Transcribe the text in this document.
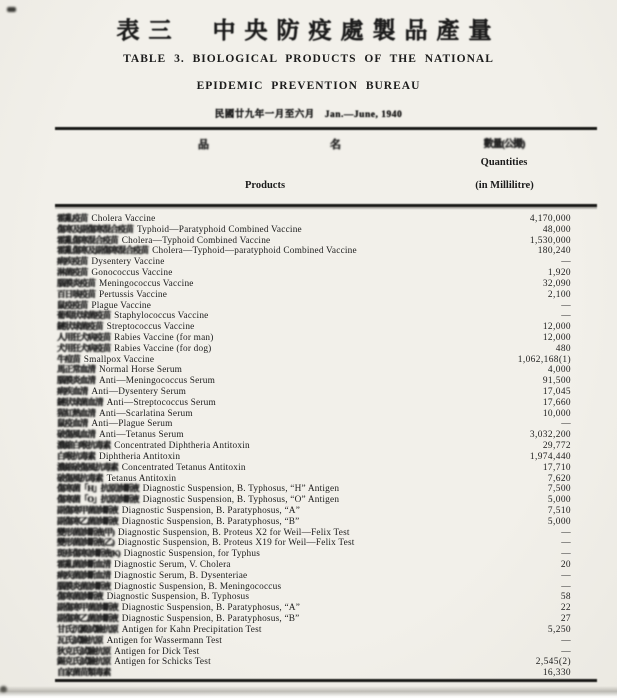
表三　中央防疫處製品產量
TABLE 3. BIOLOGICAL PRODUCTS OF THE NATIONAL
EPIDEMIC PREVENTION BUREAU
民國廿九年一月至六月　Jan.—June, 1940
品	名	數量(公撮)
Quantities
Products	(in Millilitre)
霍亂疫苗 Cholera Vaccine	4,170,000
傷寒及副傷寒混合疫苗 Typhoid—Paratyphoid Combined Vaccine	48,000
霍亂傷寒混合疫苗 Cholera—Typhoid Combined Vaccine	1,530,000
霍亂傷寒及副傷寒混合疫苗 Cholera—Typhoid—paratyphoid Combined Vaccine	180,240
痢疾疫苗 Dysentery Vaccine	—
淋菌疫苗 Gonococcus Vaccine	1,920
腦膜炎疫苗 Meningococcus Vaccine	32,090
百日咳疫苗 Pertussis Vaccine	2,100
鼠疫疫苗 Plague Vaccine	—
葡萄狀球菌疫苗 Staphylococcus Vaccine	—
鏈狀球菌疫苗 Streptococcus Vaccine	12,000
人用狂犬病疫苗 Rabies Vaccine (for man)	12,000
犬用狂犬病疫苗 Rabies Vaccine (for dog)	480
牛痘苗 Smallpox Vaccine	1,062,168(1)
馬正常血清 Normal Horse Serum	4,000
腦膜炎血清 Anti—Meningococcus Serum	91,500
痢疾血清 Anti—Dysentery Serum	17,045
鏈狀球菌血清 Anti—Streptococcus Serum	17,660
猩紅熱血清 Anti—Scarlatina Serum	10,000
鼠疫血清 Anti—Plague Serum	—
破傷風血清 Anti—Tetanus Serum	3,032,200
濃縮白喉抗毒素 Concentrated Diphtheria Antitoxin	29,772
白喉抗毒素 Diphtheria Antitoxin	1,974,440
濃縮破傷風抗毒素 Concentrated Tetanus Antitoxin	17,710
破傷風抗毒素 Tetanus Antitoxin	7,620
傷寒菌「H」抗原診斷液 Diagnostic Suspension, B. Typhosus, “H” Antigen	7,500
傷寒菌「O」抗原診斷液 Diagnostic Suspension, B. Typhosus, “O” Antigen	5,000
副傷寒甲菌診斷液 Diagnostic Suspension, B. Paratyphosus, “A”	7,510
副傷寒乙菌診斷液 Diagnostic Suspension, B. Paratyphosus, “B”	5,000
變形菌診斷液(甲) Diagnostic Suspension, B. Proteus X2 for Weil—Felix Test	—
變形菌診斷液(乙) Diagnostic Suspension, B. Proteus X19 for Weil—Felix Test	—
斑疹傷寒診斷液(K) Diagnostic Suspension, for Typhus	—
霍亂菌診斷血清 Diagnostic Serum, V. Cholera	20
痢疾菌診斷血清 Diagnostic Serum, B. Dysenteriae	—
腦膜炎菌診斷液 Diagnostic Suspension, B. Meningococcus	—
傷寒菌診斷液 Diagnostic Suspension, B. Typhosus	58
副傷寒甲菌診斷液 Diagnostic Suspension, B. Paratyphosus, “A”	22
副傷寒乙菌診斷液 Diagnostic Suspension, B. Paratyphosus, “B”	27
甘氏沉澱試驗抗原 Antigen for Kahn Precipitation Test	5,250
瓦氏試驗抗原 Antigen for Wassermann Test	—
狄克氏試驗抗原 Antigen for Dick Test	—
錫克氏試驗抗原 Antigen for Schicks Test	2,545(2)
自家菌苗類毒素	16,330
